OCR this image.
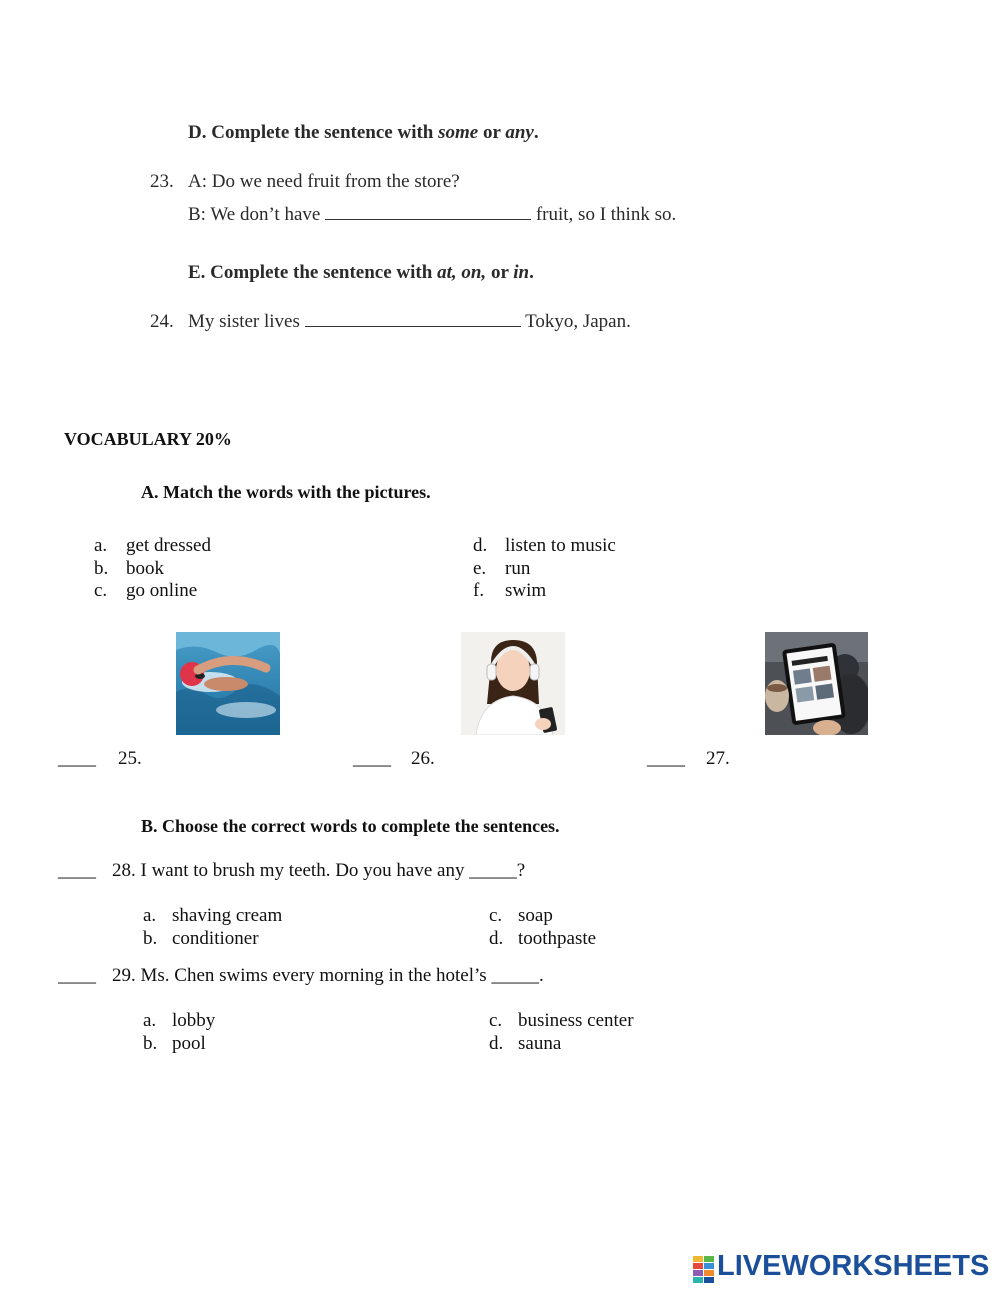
D. Complete the sentence with some or any.
23. A: Do we need fruit from the store?
B: We don’t have	fruit, so I think so.
E. Complete the sentence with at, on, or in.
24. My sister lives	Tokyo, Japan.
VOCABULARY 20%
A. Match the words with the pictures.
a. get dressed
b. book
c. go online
d. listen to music
e. run
f. swim
____ 25.	____ 26.	____ 27.
B. Choose the correct words to complete the sentences.
____ 28. I want to brush my teeth. Do you have any _____?
a. shaving cream
b. conditioner
c. soap
d. toothpaste
____ 29. Ms. Chen swims every morning in the hotel’s _____.
a. lobby
b. pool
c. business center
d. sauna
LIVEWORKSHEETS
